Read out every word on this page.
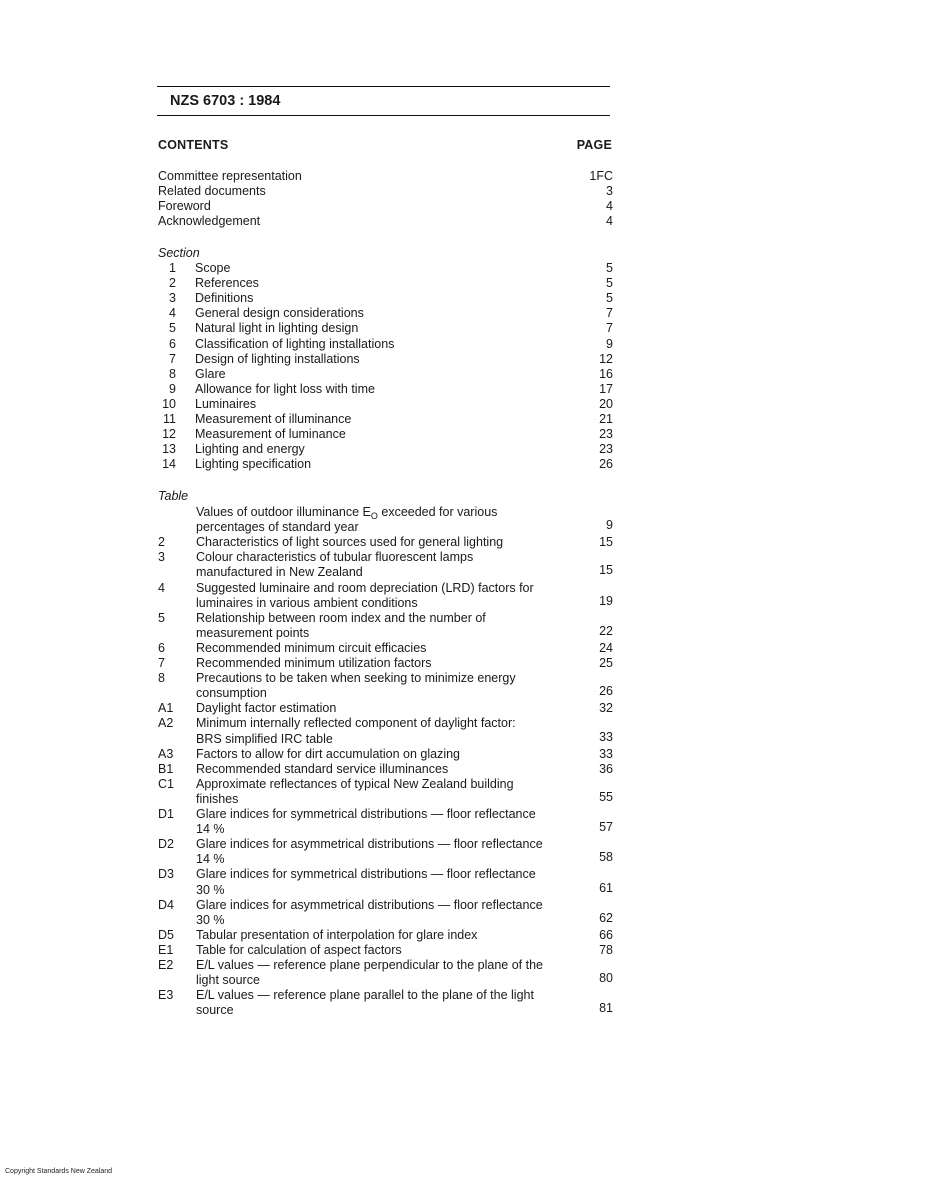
NZS 6703 : 1984
CONTENTS	PAGE
Committee representation	1FC
Related documents	3
Foreword	4
Acknowledgement	4
Section
1 Scope	5
2 References	5
3 Definitions	5
4 General design considerations	7
5 Natural light in lighting design	7
6 Classification of lighting installations	9
7 Design of lighting installations	12
8 Glare	16
9 Allowance for light loss with time	17
10 Luminaires	20
11 Measurement of illuminance	21
12 Measurement of luminance	23
13 Lighting and energy	23
14 Lighting specification	26
Table
Values of outdoor illuminance $E_O$ exceeded for various
percentages of standard year	9
2 Characteristics of light sources used for general lighting	15
3 Colour characteristics of tubular fluorescent lamps
manufactured in New Zealand	15
4 Suggested luminaire and room depreciation (LRD) factors for
luminaires in various ambient conditions	19
5 Relationship between room index and the number of
measurement points	22
6 Recommended minimum circuit efficacies	24
7 Recommended minimum utilization factors	25
8 Precautions to be taken when seeking to minimize energy
consumption	26
A1 Daylight factor estimation	32
A2 Minimum internally reflected component of daylight factor:
BRS simplified IRC table	33
A3 Factors to allow for dirt accumulation on glazing	33
B1 Recommended standard service illuminances	36
C1 Approximate reflectances of typical New Zealand building
finishes	55
D1 Glare indices for symmetrical distributions — floor reflectance
14 %	57
D2 Glare indices for asymmetrical distributions — floor reflectance
14 %	58
D3 Glare indices for symmetrical distributions — floor reflectance
30 %	61
D4 Glare indices for asymmetrical distributions — floor reflectance
30 %	62
D5 Tabular presentation of interpolation for glare index	66
E1 Table for calculation of aspect factors	78
E2 E/L values — reference plane perpendicular to the plane of the
light source	80
E3 E/L values — reference plane parallel to the plane of the light
source	81
Copyright Standards New Zealand
